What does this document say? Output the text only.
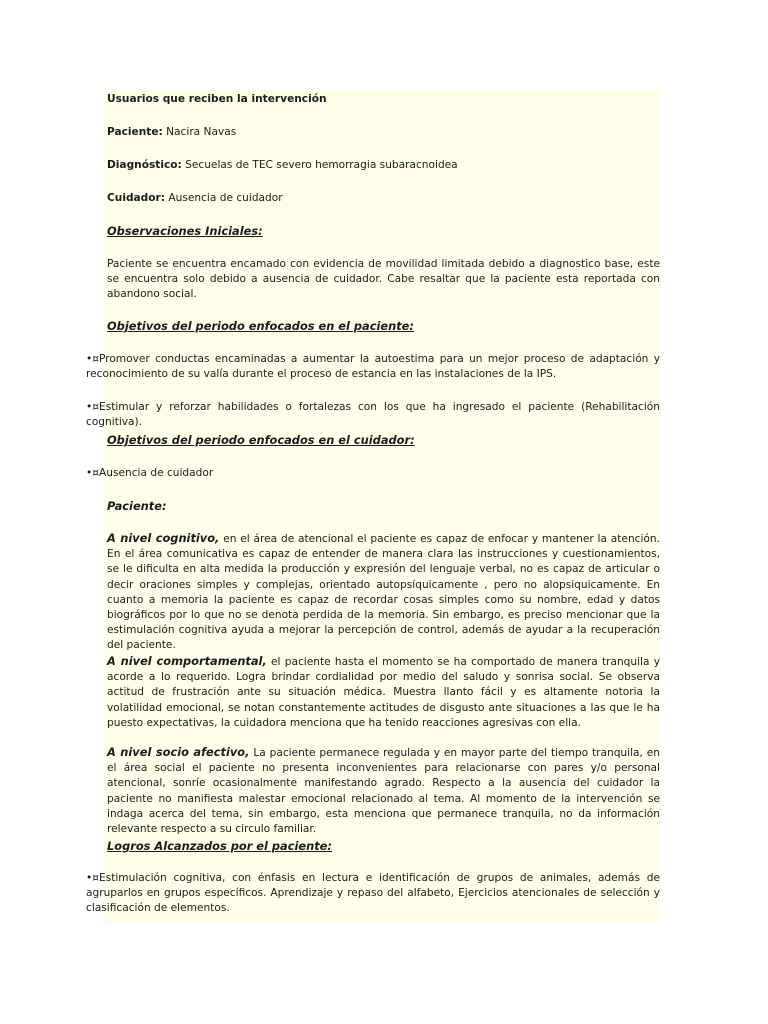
Usuarios que reciben la intervención
Paciente: Nacira Navas
Diagnóstico: Secuelas de TEC severo hemorragia subaracnoidea
Cuidador: Ausencia de cuidador
Observaciones Iniciales:
Paciente se encuentra encamado con evidencia de movilidad limitada debido a diagnostico base, este se encuentra solo debido a ausencia de cuidador. Cabe resaltar que la paciente esta reportada con abandono social.
Objetivos del periodo enfocados en el paciente:
•¤Promover conductas encaminadas a aumentar la autoestima para un mejor proceso de adaptación y reconocimiento de su valía durante el proceso de estancia en las instalaciones de la IPS.
•¤Estimular y reforzar habilidades o fortalezas con los que ha ingresado el paciente (Rehabilitación cognitiva).
Objetivos del periodo enfocados en el cuidador:
•¤Ausencia de cuidador
Paciente:
A nivel cognitivo, en el área de atencional el paciente es capaz de enfocar y mantener la atención. En el área comunicativa es capaz de entender de manera clara las instrucciones y cuestionamientos, se le dificulta en alta medida la producción y expresión del lenguaje verbal, no es capaz de articular o decir oraciones simples y complejas, orientado autopsíquicamente , pero no alopsiquicamente. En cuanto a memoria la paciente es capaz de recordar cosas simples como su nombre, edad y datos biográficos por lo que no se denota perdida de la memoria. Sin embargo, es preciso mencionar que la estimulación cognitiva ayuda a mejorar la percepción de control, además de ayudar a la recuperación del paciente.
A nivel comportamental, el paciente hasta el momento se ha comportado de manera tranquila y acorde a lo requerido. Logra brindar cordialidad por medio del saludo y sonrisa social. Se observa actitud de frustración ante su situación médica. Muestra llanto fácil y es altamente notoria la volatilidad emocional, se notan constantemente actitudes de disgusto ante situaciones a las que le ha puesto expectativas, la cuidadora menciona que ha tenido reacciones agresivas con ella.
A nivel socio afectivo, La paciente permanece regulada y en mayor parte del tiempo tranquila, en el área social el paciente no presenta inconvenientes para relacionarse con pares y/o personal atencional, sonríe ocasionalmente manifestando agrado. Respecto a la ausencia del cuidador la paciente no manifiesta malestar emocional relacionado al tema. Al momento de la intervención se indaga acerca del tema, sin embargo, esta menciona que permanece tranquila, no da información relevante respecto a su circulo familiar.
Logros Alcanzados por el paciente:
•¤Estimulación cognitiva, con énfasis en lectura e identificación de grupos de animales, además de agruparlos en grupos específicos. Aprendizaje y repaso del alfabeto, Ejercicios atencionales de selección y clasificación de elementos.
